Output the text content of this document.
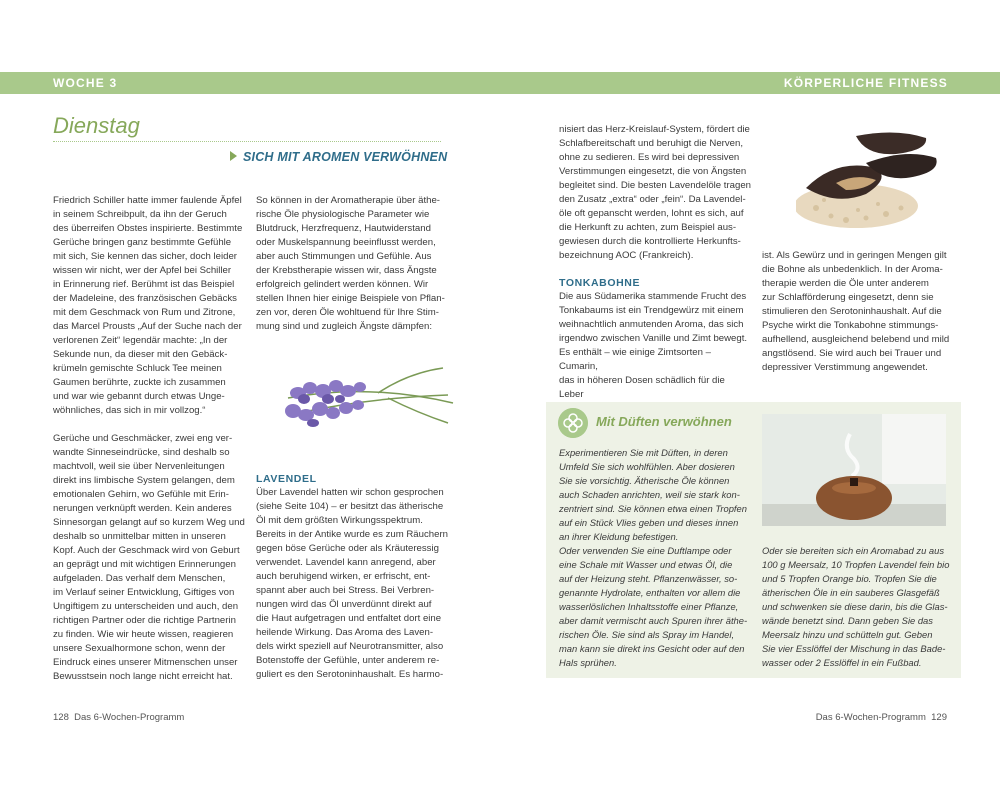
WOCHE 3	KÖRPERLICHE FITNESS
Dienstag
SICH MIT AROMEN VERWÖHNEN

Friedrich Schiller hatte immer faulende Äpfel
in seinem Schreibpult, da ihn der Geruch
des überreifen Obstes inspirierte. Bestimmte
Gerüche bringen ganz bestimmte Gefühle
mit sich, Sie kennen das sicher, doch leider
wissen wir nicht, wer der Apfel bei Schiller
in Erinnerung rief. Berühmt ist das Beispiel
der Madeleine, des französischen Gebäcks
mit dem Geschmack von Rum und Zitrone,
das Marcel Prousts „Auf der Suche nach der
verlorenen Zeit“ legendär machte: „In der
Sekunde nun, da dieser mit den Gebäck-
krümeln gemischte Schluck Tee meinen
Gaumen berührte, zuckte ich zusammen
und war wie gebannt durch etwas Unge-
wöhnliches, das sich in mir vollzog.“

Gerüche und Geschmäcker, zwei eng ver-
wandte Sinneseindrücke, sind deshalb so
machtvoll, weil sie über Nervenleitungen
direkt ins limbische System gelangen, dem
emotionalen Gehirn, wo Gefühle mit Erin-
nerungen verknüpft werden. Kein anderes
Sinnesorgan gelangt auf so kurzem Weg und
deshalb so unmittelbar mitten in unseren
Kopf. Auch der Geschmack wird von Geburt
an geprägt und mit wichtigen Erinnerungen
aufgeladen. Das verhalf dem Menschen,
im Verlauf seiner Entwicklung, Giftiges von
Ungiftigem zu unterscheiden und auch, den
richtigen Partner oder die richtige Partnerin
zu finden. Wie wir heute wissen, reagieren
unsere Sexualhormone schon, wenn der
Eindruck eines unserer Mitmenschen unser
Bewusstsein noch lange nicht erreicht hat.

So können in der Aromatherapie über äthe-
rische Öle physiologische Parameter wie
Blutdruck, Herzfrequenz, Hautwiderstand
oder Muskelspannung beeinflusst werden,
aber auch Stimmungen und Gefühle. Aus
der Krebstherapie wissen wir, dass Ängste
erfolgreich gelindert werden können. Wir
stellen Ihnen hier einige Beispiele von Pflan-
zen vor, deren Öle wohltuend für Ihre Stim-
mung sind und zugleich Ängste dämpfen:

LAVENDEL

Über Lavendel hatten wir schon gesprochen
(siehe Seite 104) – er besitzt das ätherische
Öl mit dem größten Wirkungsspektrum.
Bereits in der Antike wurde es zum Räuchern
gegen böse Gerüche oder als Kräuteressig
verwendet. Lavendel kann anregend, aber
auch beruhigend wirken, er erfrischt, ent-
spannt aber auch bei Stress. Bei Verbren-
nungen wird das Öl unverdünnt direkt auf
die Haut aufgetragen und entfaltet dort eine
heilende Wirkung. Das Aroma des Laven-
dels wirkt speziell auf Neurotransmitter, also
Botenstoffe der Gefühle, unter anderem re-
guliert es den Serotoninhaushalt. Es harmo-

nisiert das Herz-Kreislauf-System, fördert die
Schlafbereitschaft und beruhigt die Nerven,
ohne zu sedieren. Es wird bei depressiven
Verstimmungen eingesetzt, die von Ängsten
begleitet sind. Die besten Lavendelöle tragen
den Zusatz „extra“ oder „fein“. Da Lavendel-
öle oft gepanscht werden, lohnt es sich, auf
die Herkunft zu achten, zum Beispiel aus-
gewiesen durch die kontrollierte Herkunfts-
bezeichnung AOC (Frankreich).

TONKABOHNE

Die aus Südamerika stammende Frucht des
Tonkabaums ist ein Trendgewürz mit einem
weihnachtlich anmutenden Aroma, das sich
irgendwo zwischen Vanille und Zimt bewegt.
Es enthält – wie einige Zimtsorten – Cumarin,
das in höheren Dosen schädlich für die Leber

ist. Als Gewürz und in geringen Mengen gilt
die Bohne als unbedenklich. In der Aroma-
therapie werden die Öle unter anderem
zur Schlafförderung eingesetzt, denn sie
stimulieren den Serotoninhaushalt. Auf die
Psyche wirkt die Tonkabohne stimmungs-
aufhellend, ausgleichend belebend und mild
angstlösend. Sie wird auch bei Trauer und
depressiver Verstimmung angewendet.

Mit Düften verwöhnen
Experimentieren Sie mit Düften, in deren
Umfeld Sie sich wohlfühlen. Aber dosieren
Sie sie vorsichtig. Ätherische Öle können
auch Schaden anrichten, weil sie stark kon-
zentriert sind. Sie können etwa einen Tropfen
auf ein Stück Vlies geben und dieses innen
an ihrer Kleidung befestigen.
Oder verwenden Sie eine Duftlampe oder
eine Schale mit Wasser und etwas Öl, die
auf der Heizung steht. Pflanzenwässer, so-
genannte Hydrolate, enthalten vor allem die
wasserlöslichen Inhaltsstoffe einer Pflanze,
aber damit vermischt auch Spuren ihrer äthe-
rischen Öle. Sie sind als Spray im Handel,
man kann sie direkt ins Gesicht oder auf den
Hals sprühen.
Oder sie bereiten sich ein Aromabad zu aus
100 g Meersalz, 10 Tropfen Lavendel fein bio
und 5 Tropfen Orange bio. Tropfen Sie die
ätherischen Öle in ein sauberes Glasgefäß
und schwenken sie diese darin, bis die Glas-
wände benetzt sind. Dann geben Sie das
Meersalz hinzu und schütteln gut. Geben
Sie vier Esslöffel der Mischung in das Bade-
wasser oder 2 Esslöffel in ein Fußbad.
128 Das 6-Wochen-Programm	Das 6-Wochen-Programm 129
